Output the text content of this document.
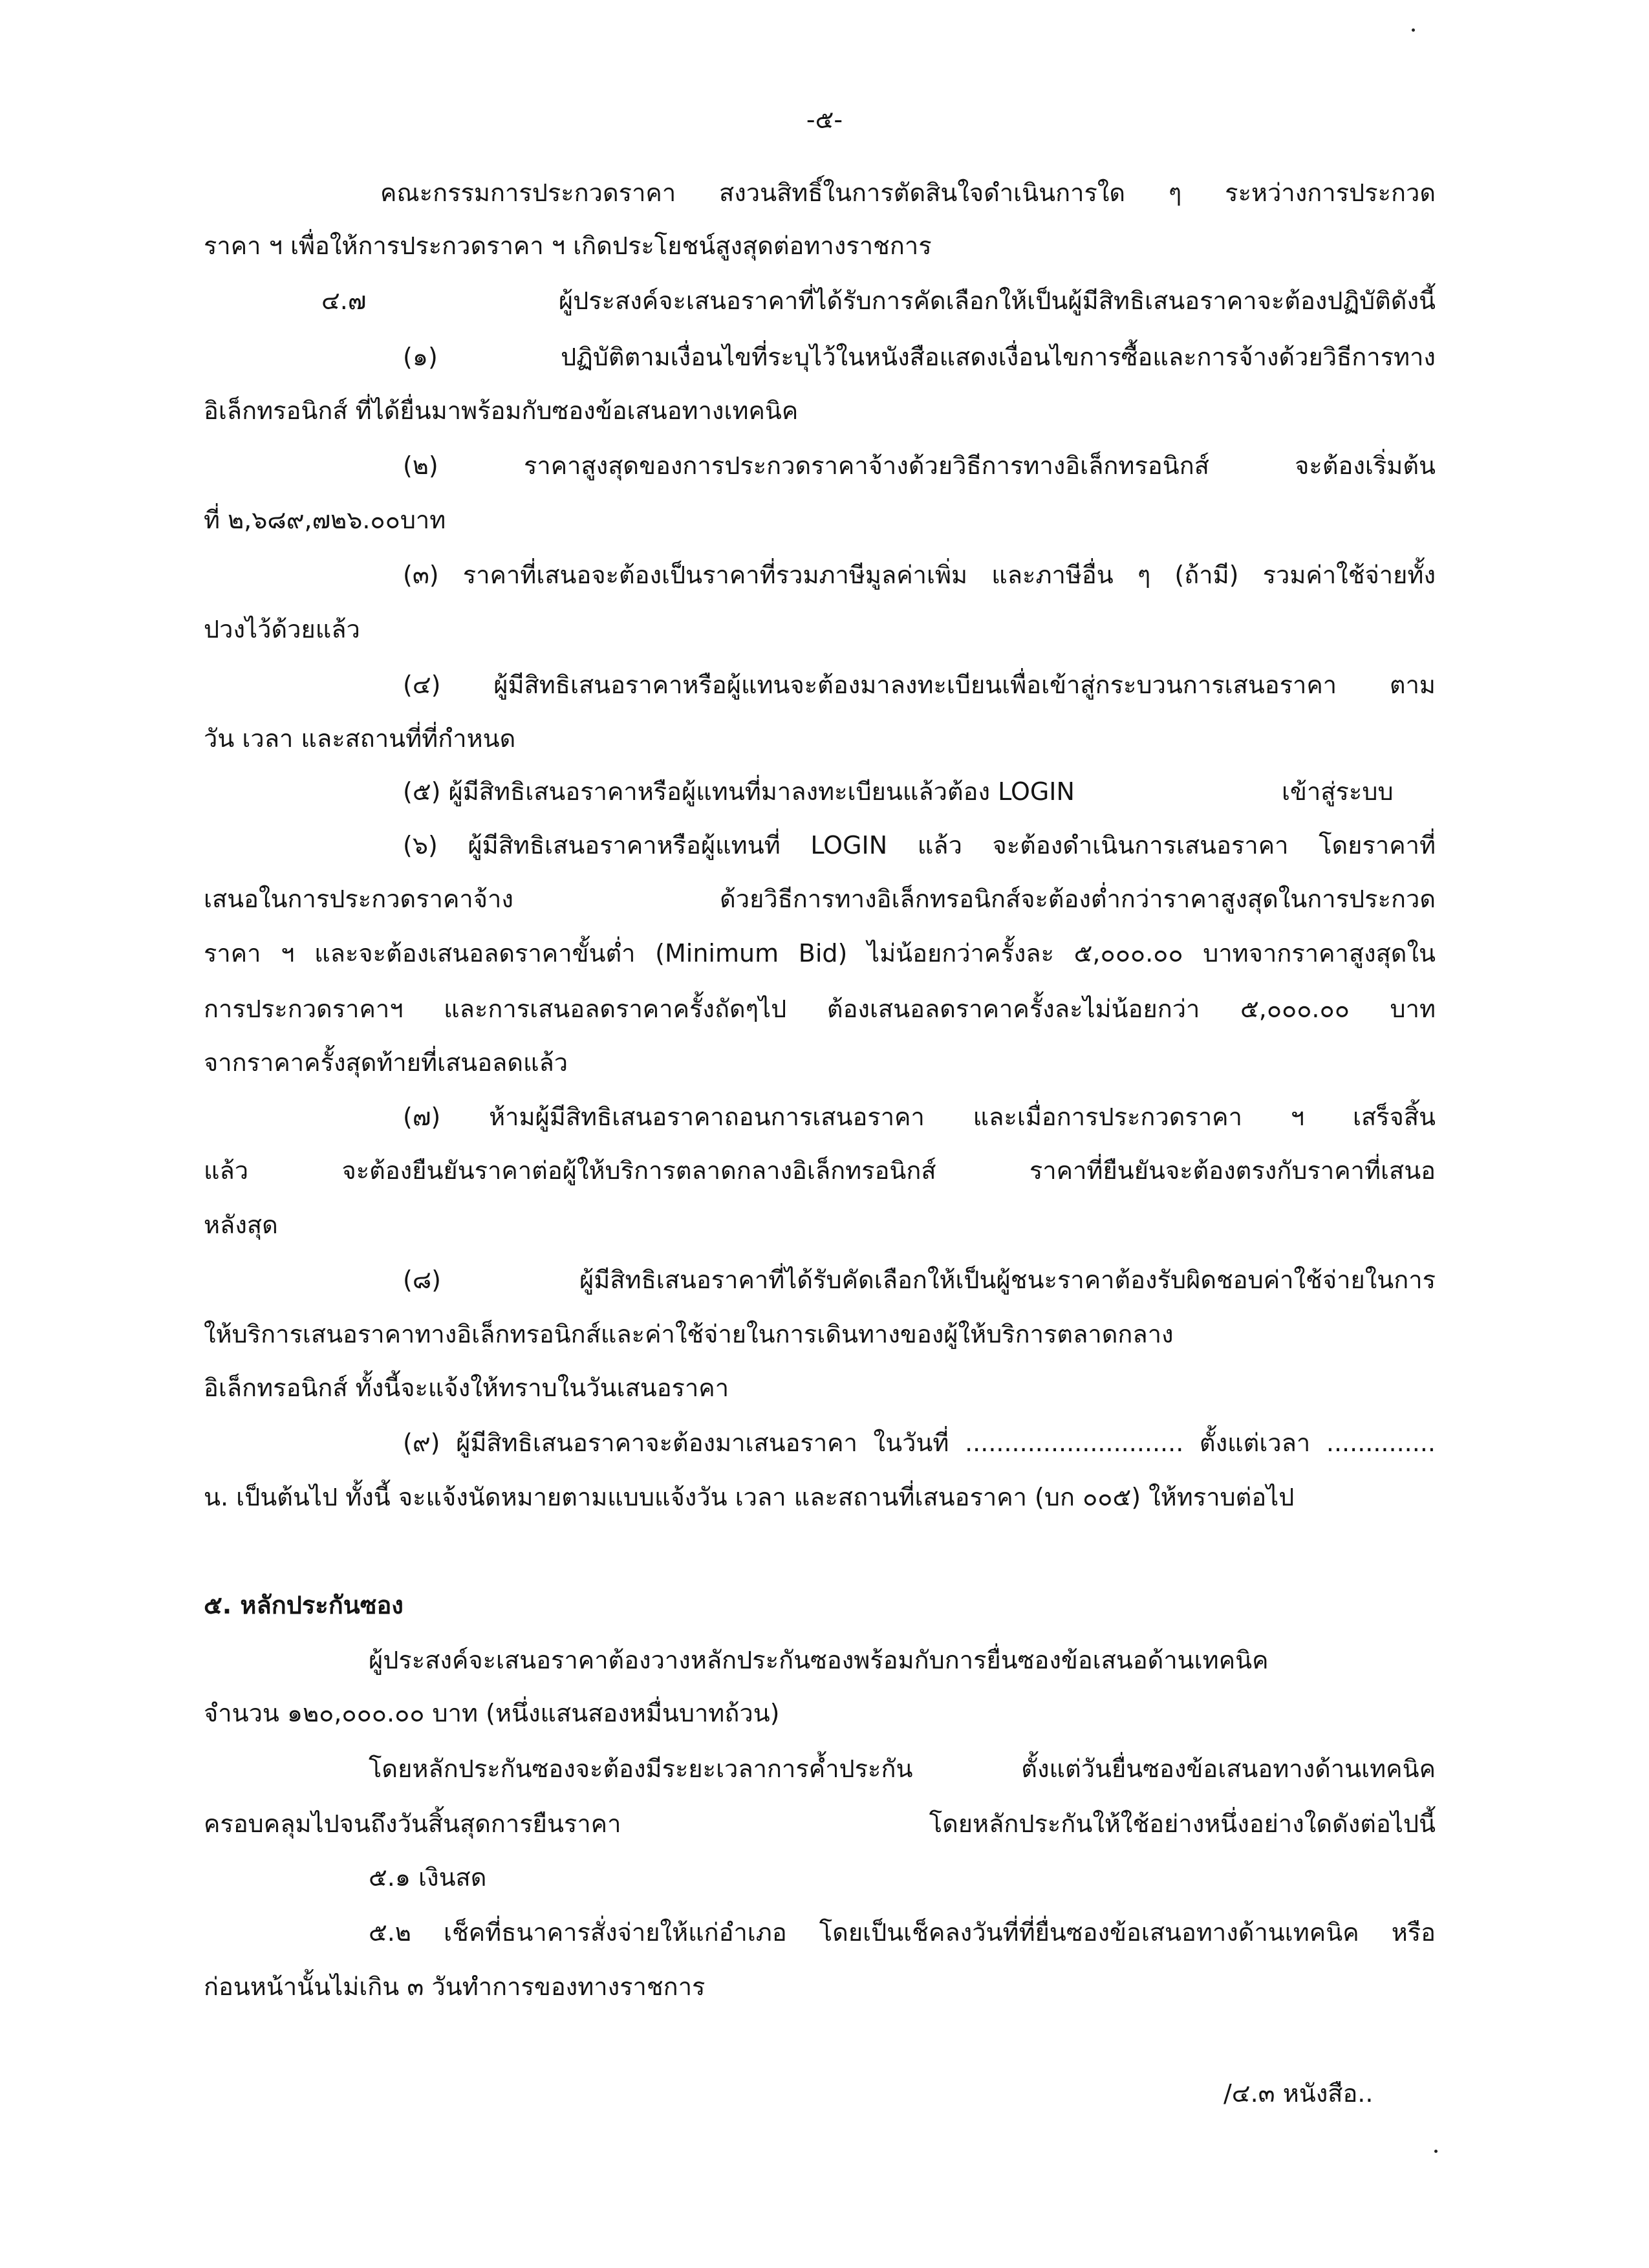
-๕-
คณะกรรมการประกวดราคา สงวนสิทธิ์ในการตัดสินใจดำเนินการใด ๆ ระหว่างการประกวด
ราคา ฯ เพื่อให้การประกวดราคา ฯ เกิดประโยชน์สูงสุดต่อทางราชการ
๔.๗ ผู้ประสงค์จะเสนอราคาที่ได้รับการคัดเลือกให้เป็นผู้มีสิทธิเสนอราคาจะต้องปฏิบัติดังนี้
(๑) ปฏิบัติตามเงื่อนไขที่ระบุไว้ในหนังสือแสดงเงื่อนไขการซื้อและการจ้างด้วยวิธีการทาง
อิเล็กทรอนิกส์ ที่ได้ยื่นมาพร้อมกับซองข้อเสนอทางเทคนิค
(๒) ราคาสูงสุดของการประกวดราคาจ้างด้วยวิธีการทางอิเล็กทรอนิกส์ จะต้องเริ่มต้น
ที่ ๒,๖๘๙,๗๒๖.๐๐บาท
(๓) ราคาที่เสนอจะต้องเป็นราคาที่รวมภาษีมูลค่าเพิ่ม และภาษีอื่น ๆ (ถ้ามี) รวมค่าใช้จ่ายทั้ง
ปวงไว้ด้วยแล้ว
(๔) ผู้มีสิทธิเสนอราคาหรือผู้แทนจะต้องมาลงทะเบียนเพื่อเข้าสู่กระบวนการเสนอราคา ตาม
วัน เวลา และสถานที่ที่กำหนด
(๕) ผู้มีสิทธิเสนอราคาหรือผู้แทนที่มาลงทะเบียนแล้วต้อง LOGIN	เข้าสู่ระบบ
(๖) ผู้มีสิทธิเสนอราคาหรือผู้แทนที่ LOGIN แล้ว จะต้องดำเนินการเสนอราคา โดยราคาที่
เสนอในการประกวดราคาจ้าง ด้วยวิธีการทางอิเล็กทรอนิกส์จะต้องต่ำกว่าราคาสูงสุดในการประกวด
ราคา ฯ และจะต้องเสนอลดราคาขั้นต่ำ (Minimum Bid) ไม่น้อยกว่าครั้งละ ๕,๐๐๐.๐๐ บาทจากราคาสูงสุดใน
การประกวดราคาฯ และการเสนอลดราคาครั้งถัดๆไป ต้องเสนอลดราคาครั้งละไม่น้อยกว่า ๕,๐๐๐.๐๐ บาท
จากราคาครั้งสุดท้ายที่เสนอลดแล้ว
(๗) ห้ามผู้มีสิทธิเสนอราคาถอนการเสนอราคา และเมื่อการประกวดราคา ฯ เสร็จสิ้น
แล้ว จะต้องยืนยันราคาต่อผู้ให้บริการตลาดกลางอิเล็กทรอนิกส์ ราคาที่ยืนยันจะต้องตรงกับราคาที่เสนอ
หลังสุด
(๘) ผู้มีสิทธิเสนอราคาที่ได้รับคัดเลือกให้เป็นผู้ชนะราคาต้องรับผิดชอบค่าใช้จ่ายในการ
ให้บริการเสนอราคาทางอิเล็กทรอนิกส์และค่าใช้จ่ายในการเดินทางของผู้ให้บริการตลาดกลาง
อิเล็กทรอนิกส์ ทั้งนี้จะแจ้งให้ทราบในวันเสนอราคา
(๙) ผู้มีสิทธิเสนอราคาจะต้องมาเสนอราคา ในวันที่ ............................ ตั้งแต่เวลา ..............
น. เป็นต้นไป ทั้งนี้ จะแจ้งนัดหมายตามแบบแจ้งวัน เวลา และสถานที่เสนอราคา (บก ๐๐๕) ให้ทราบต่อไป
๕. หลักประกันซอง
ผู้ประสงค์จะเสนอราคาต้องวางหลักประกันซองพร้อมกับการยื่นซองข้อเสนอด้านเทคนิค
จำนวน ๑๒๐,๐๐๐.๐๐ บาท (หนึ่งแสนสองหมื่นบาทถ้วน)
โดยหลักประกันซองจะต้องมีระยะเวลาการค้ำประกัน ตั้งแต่วันยื่นซองข้อเสนอทางด้านเทคนิค
ครอบคลุมไปจนถึงวันสิ้นสุดการยืนราคา โดยหลักประกันให้ใช้อย่างหนึ่งอย่างใดดังต่อไปนี้
๕.๑ เงินสด
๕.๒ เช็คที่ธนาคารสั่งจ่ายให้แก่อำเภอ โดยเป็นเช็คลงวันที่ที่ยื่นซองข้อเสนอทางด้านเทคนิค หรือ
ก่อนหน้านั้นไม่เกิน ๓ วันทำการของทางราชการ
/๔.๓ หนังสือ..
